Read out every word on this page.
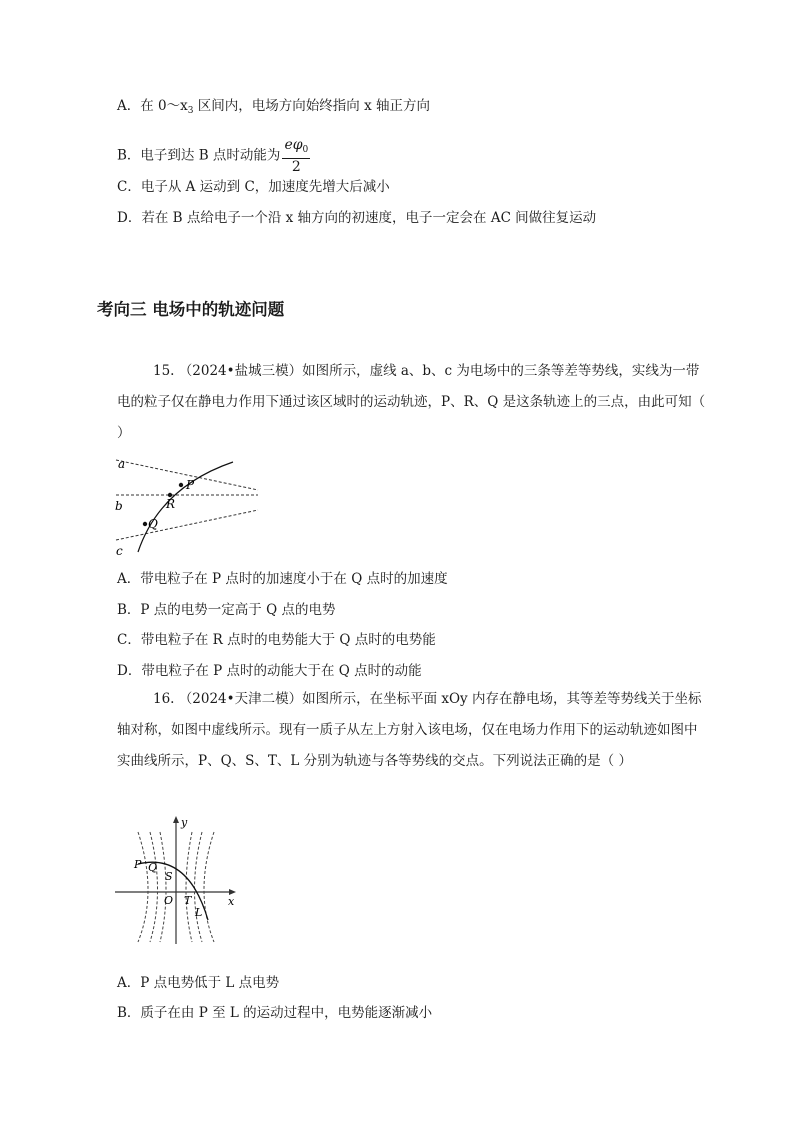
A．在 $0\sim x_3$ 区间内，电场方向始终指向 x 轴正方向
B．电子到达 B 点时动能为 $\frac{e\varphi_0}{2}$
C．电子从 A 运动到 C，加速度先增大后减小
D．若在 B 点给电子一个沿 x 轴方向的初速度，电子一定会在 AC 间做往复运动
考向三 电场中的轨迹问题
15. （2024•盐城三模）如图所示，虚线 a、b、c 为电场中的三条等差等势线，实线为一带电的粒子仅在静电力作用下通过该区域时的运动轨迹，P、R、Q 是这条轨迹上的三点，由此可知（ ）
a
b
c
P
R
Q
A．带电粒子在 P 点时的加速度小于在 Q 点时的加速度
B．P 点的电势一定高于 Q 点的电势
C．带电粒子在 R 点时的电势能大于 Q 点时的电势能
D．带电粒子在 P 点时的动能大于在 Q 点时的动能
16. （2024•天津二模）如图所示，在坐标平面 xOy 内存在静电场，其等差等势线关于坐标轴对称，如图中虚线所示。现有一质子从左上方射入该电场，仅在电场力作用下的运动轨迹如图中实曲线所示，P、Q、S、T、L 分别为轨迹与各等势线的交点。下列说法正确的是（ ）
y
x
O
P Q
S
T
L
A．P 点电势低于 L 点电势
B．质子在由 P 至 L 的运动过程中，电势能逐渐减小
